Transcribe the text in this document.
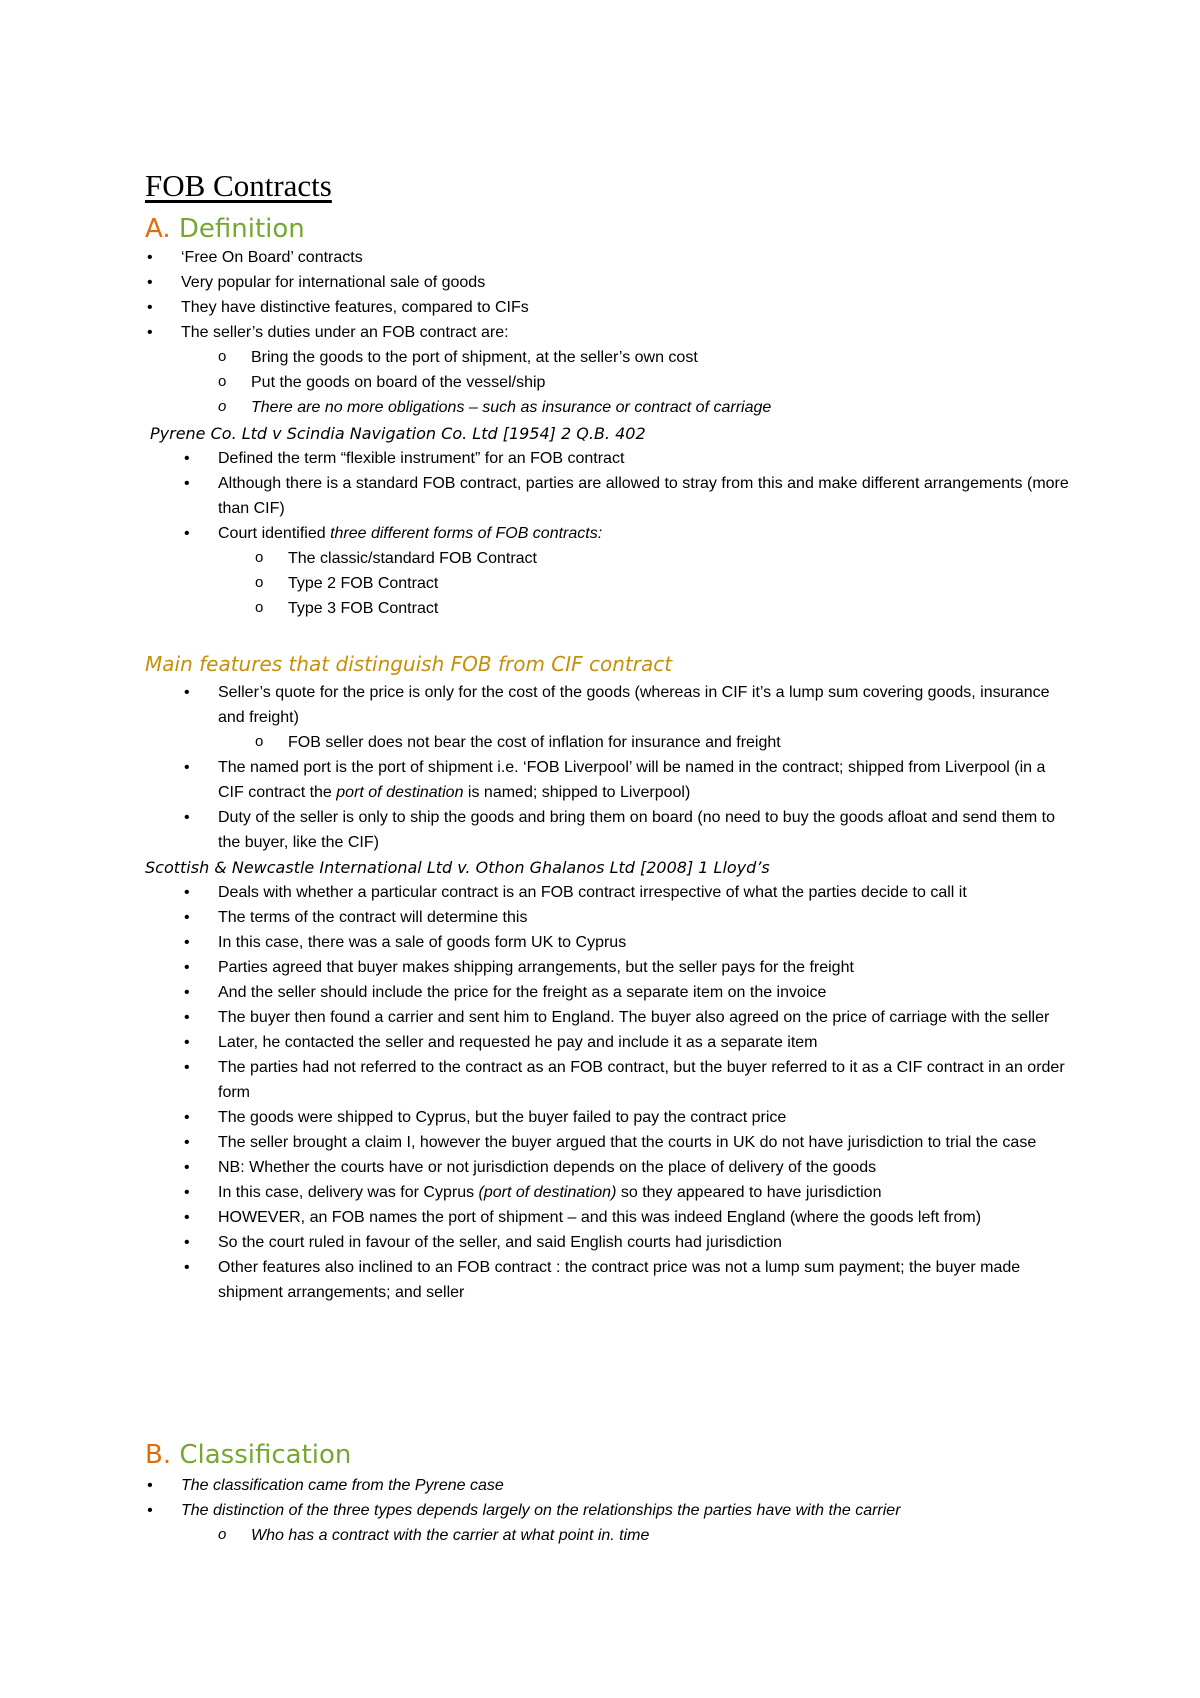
FOB Contracts
A. Definition
• ‘Free On Board’ contracts
• Very popular for international sale of goods
• They have distinctive features, compared to CIFs
• The seller’s duties under an FOB contract are:
o Bring the goods to the port of shipment, at the seller’s own cost
o Put the goods on board of the vessel/ship
o There are no more obligations – such as insurance or contract of carriage

Pyrene Co. Ltd v Scindia Navigation Co. Ltd [1954] 2 Q.B. 402

• Defined the term “flexible instrument” for an FOB contract
• Although there is a standard FOB contract, parties are allowed to stray from this and make different arrangements (more than CIF)
• Court identified three different forms of FOB contracts:
o The classic/standard FOB Contract
o Type 2 FOB Contract
o Type 3 FOB Contract
Main features that distinguish FOB from CIF contract
• Seller’s quote for the price is only for the cost of the goods (whereas in CIF it’s a lump sum covering goods, insurance and freight)
o FOB seller does not bear the cost of inflation for insurance and freight
• The named port is the port of shipment i.e. ‘FOB Liverpool’ will be named in the contract; shipped from Liverpool (in a CIF contract the port of destination is named; shipped to Liverpool)
• Duty of the seller is only to ship the goods and bring them on board (no need to buy the goods afloat and send them to the buyer, like the CIF)

Scottish & Newcastle International Ltd v. Othon Ghalanos Ltd [2008] 1 Lloyd’s

• Deals with whether a particular contract is an FOB contract irrespective of what the parties decide to call it
• The terms of the contract will determine this
• In this case, there was a sale of goods form UK to Cyprus
• Parties agreed that buyer makes shipping arrangements, but the seller pays for the freight
• And the seller should include the price for the freight as a separate item on the invoice
• The buyer then found a carrier and sent him to England. The buyer also agreed on the price of carriage with the seller
• Later, he contacted the seller and requested he pay and include it as a separate item
• The parties had not referred to the contract as an FOB contract, but the buyer referred to it as a CIF contract in an order form
• The goods were shipped to Cyprus, but the buyer failed to pay the contract price
• The seller brought a claim I, however the buyer argued that the courts in UK do not have jurisdiction to trial the case
• NB: Whether the courts have or not jurisdiction depends on the place of delivery of the goods
• In this case, delivery was for Cyprus (port of destination) so they appeared to have jurisdiction
• HOWEVER, an FOB names the port of shipment – and this was indeed England (where the goods left from)
• So the court ruled in favour of the seller, and said English courts had jurisdiction
• Other features also inclined to an FOB contract : the contract price was not a lump sum payment; the buyer made shipment arrangements; and seller
B. Classification
• The classification came from the Pyrene case
• The distinction of the three types depends largely on the relationships the parties have with the carrier
o Who has a contract with the carrier at what point in. time
